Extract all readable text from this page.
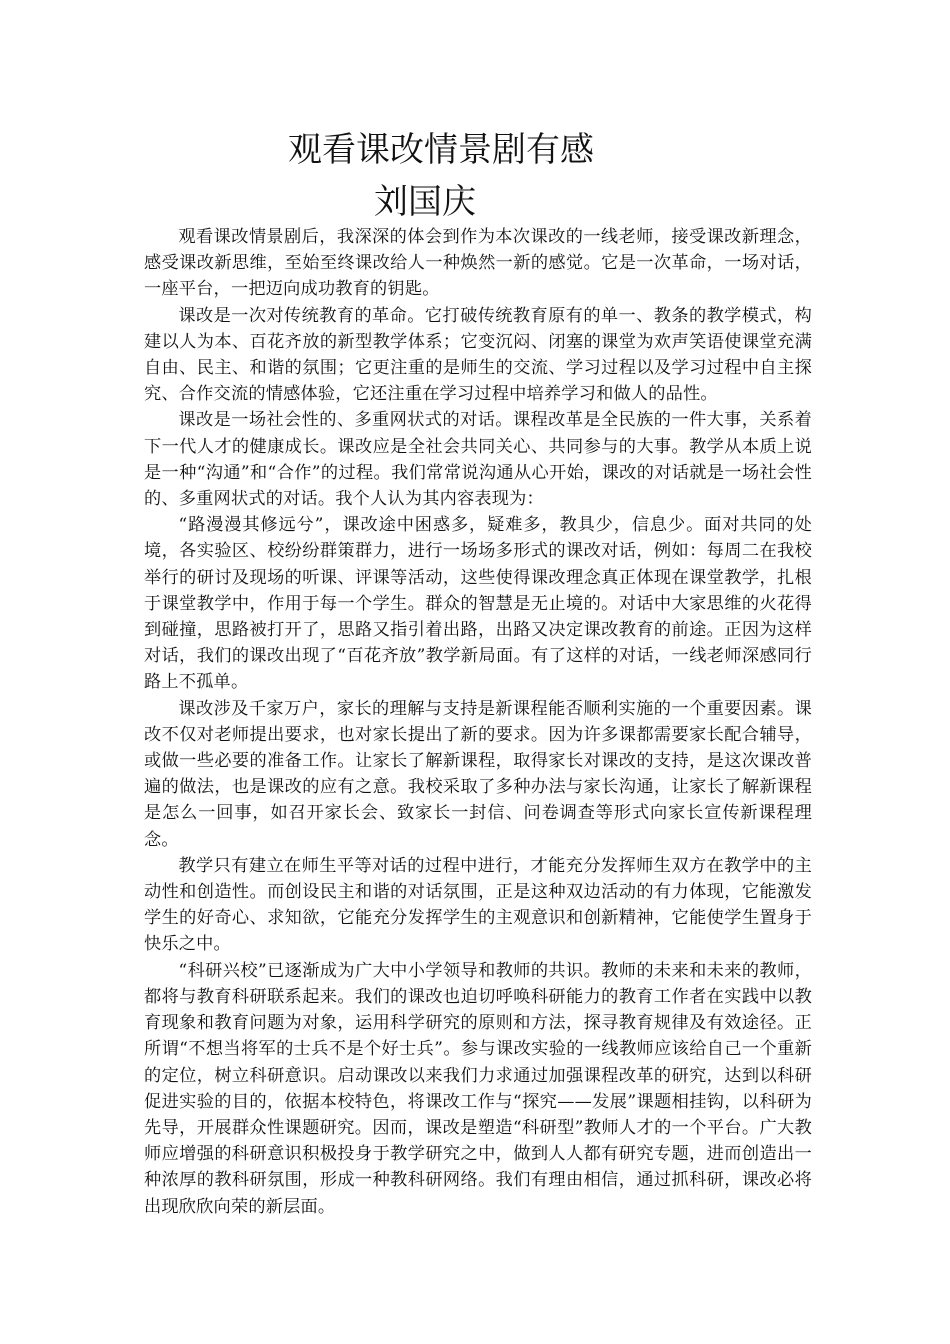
观看课改情景剧有感
刘国庆

观看课改情景剧后，我深深的体会到作为本次课改的一线老师，接受课改新理念，感受课改新思维，至始至终课改给人一种焕然一新的感觉。它是一次革命，一场对话，一座平台，一把迈向成功教育的钥匙。

课改是一次对传统教育的革命。它打破传统教育原有的单一、教条的教学模式，构建以人为本、百花齐放的新型教学体系；它变沉闷、闭塞的课堂为欢声笑语使课堂充满自由、民主、和谐的氛围；它更注重的是师生的交流、学习过程以及学习过程中自主探究、合作交流的情感体验，它还注重在学习过程中培养学习和做人的品性。

课改是一场社会性的、多重网状式的对话。课程改革是全民族的一件大事，关系着下一代人才的健康成长。课改应是全社会共同关心、共同参与的大事。教学从本质上说是一种“沟通”和“合作”的过程。我们常常说沟通从心开始，课改的对话就是一场社会性的、多重网状式的对话。我个人认为其内容表现为：

“路漫漫其修远兮”，课改途中困惑多，疑难多，教具少，信息少。面对共同的处境，各实验区、校纷纷群策群力，进行一场场多形式的课改对话，例如：每周二在我校举行的研讨及现场的听课、评课等活动，这些使得课改理念真正体现在课堂教学，扎根于课堂教学中，作用于每一个学生。群众的智慧是无止境的。对话中大家思维的火花得到碰撞，思路被打开了，思路又指引着出路，出路又决定课改教育的前途。正因为这样对话，我们的课改出现了“百花齐放”教学新局面。有了这样的对话，一线老师深感同行路上不孤单。

课改涉及千家万户，家长的理解与支持是新课程能否顺利实施的一个重要因素。课改不仅对老师提出要求，也对家长提出了新的要求。因为许多课都需要家长配合辅导，或做一些必要的准备工作。让家长了解新课程，取得家长对课改的支持，是这次课改普遍的做法，也是课改的应有之意。我校采取了多种办法与家长沟通，让家长了解新课程是怎么一回事，如召开家长会、致家长一封信、问卷调查等形式向家长宣传新课程理念。

教学只有建立在师生平等对话的过程中进行，才能充分发挥师生双方在教学中的主动性和创造性。而创设民主和谐的对话氛围，正是这种双边活动的有力体现，它能激发学生的好奇心、求知欲，它能充分发挥学生的主观意识和创新精神，它能使学生置身于快乐之中。

“科研兴校”已逐渐成为广大中小学领导和教师的共识。教师的未来和未来的教师，都将与教育科研联系起来。我们的课改也迫切呼唤科研能力的教育工作者在实践中以教育现象和教育问题为对象，运用科学研究的原则和方法，探寻教育规律及有效途径。正所谓“不想当将军的士兵不是个好士兵”。参与课改实验的一线教师应该给自己一个重新的定位，树立科研意识。启动课改以来我们力求通过加强课程改革的研究，达到以科研促进实验的目的，依据本校特色，将课改工作与“探究——发展”课题相挂钩，以科研为先导，开展群众性课题研究。因而，课改是塑造“科研型”教师人才的一个平台。广大教师应增强的科研意识积极投身于教学研究之中，做到人人都有研究专题，进而创造出一种浓厚的教科研氛围，形成一种教科研网络。我们有理由相信，通过抓科研，课改必将出现欣欣向荣的新层面。
